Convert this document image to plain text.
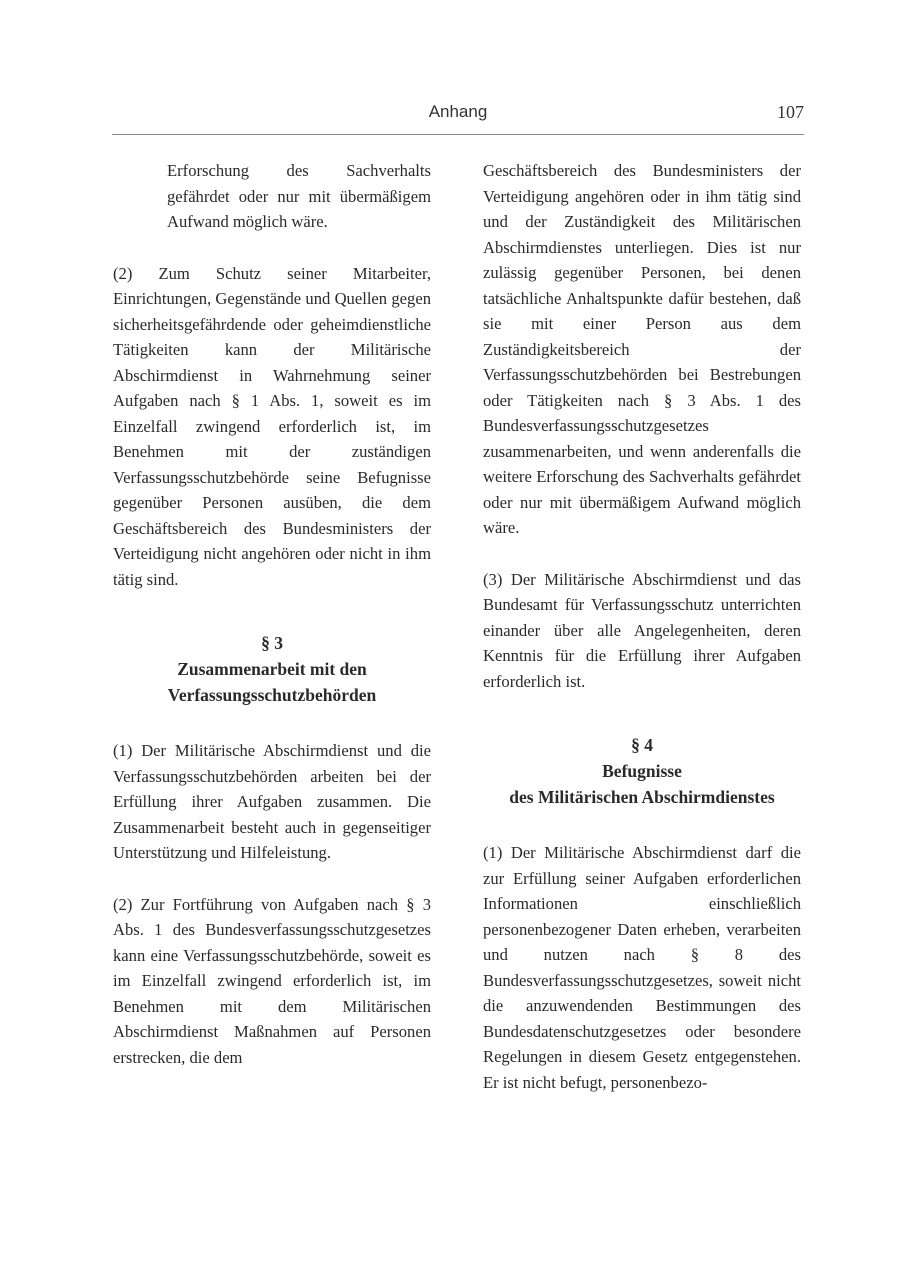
Anhang	107

Erforschung des Sachverhalts gefährdet oder nur mit übermäßigem Aufwand möglich wäre.

(2) Zum Schutz seiner Mitarbeiter, Einrichtungen, Gegenstände und Quellen gegen sicherheitsgefährdende oder geheimdienstliche Tätigkeiten kann der Militärische Abschirmdienst in Wahrnehmung seiner Aufgaben nach § 1 Abs. 1, soweit es im Einzelfall zwingend erforderlich ist, im Benehmen mit der zuständigen Verfassungsschutzbehörde seine Befugnisse gegenüber Personen ausüben, die dem Geschäftsbereich des Bundesministers der Verteidigung nicht angehören oder nicht in ihm tätig sind.

§ 3
Zusammenarbeit mit den
Verfassungsschutzbehörden

(1) Der Militärische Abschirmdienst und die Verfassungsschutzbehörden arbeiten bei der Erfüllung ihrer Aufgaben zusammen. Die Zusammenarbeit besteht auch in gegenseitiger Unterstützung und Hilfeleistung.

(2) Zur Fortführung von Aufgaben nach § 3 Abs. 1 des Bundesverfassungsschutzgesetzes kann eine Verfassungsschutzbehörde, soweit es im Einzelfall zwingend erforderlich ist, im Benehmen mit dem Militärischen Abschirmdienst Maßnahmen auf Personen erstrecken, die dem

Geschäftsbereich des Bundesministers der Verteidigung angehören oder in ihm tätig sind und der Zuständigkeit des Militärischen Abschirmdienstes unterliegen. Dies ist nur zulässig gegenüber Personen, bei denen tatsächliche Anhaltspunkte dafür bestehen, daß sie mit einer Person aus dem Zuständigkeitsbereich der Verfassungsschutzbehörden bei Bestrebungen oder Tätigkeiten nach § 3 Abs. 1 des Bundesverfassungsschutzgesetzes zusammenarbeiten, und wenn anderenfalls die weitere Erforschung des Sachverhalts gefährdet oder nur mit übermäßigem Aufwand möglich wäre.

(3) Der Militärische Abschirmdienst und das Bundesamt für Verfassungsschutz unterrichten einander über alle Angelegenheiten, deren Kenntnis für die Erfüllung ihrer Aufgaben erforderlich ist.

§ 4
Befugnisse
des Militärischen Abschirmdienstes

(1) Der Militärische Abschirmdienst darf die zur Erfüllung seiner Aufgaben erforderlichen Informationen einschließlich personenbezogener Daten erheben, verarbeiten und nutzen nach § 8 des Bundesverfassungsschutzgesetzes, soweit nicht die anzuwendenden Bestimmungen des Bundesdatenschutzgesetzes oder besondere Regelungen in diesem Gesetz entgegenstehen. Er ist nicht befugt, personenbezo-
